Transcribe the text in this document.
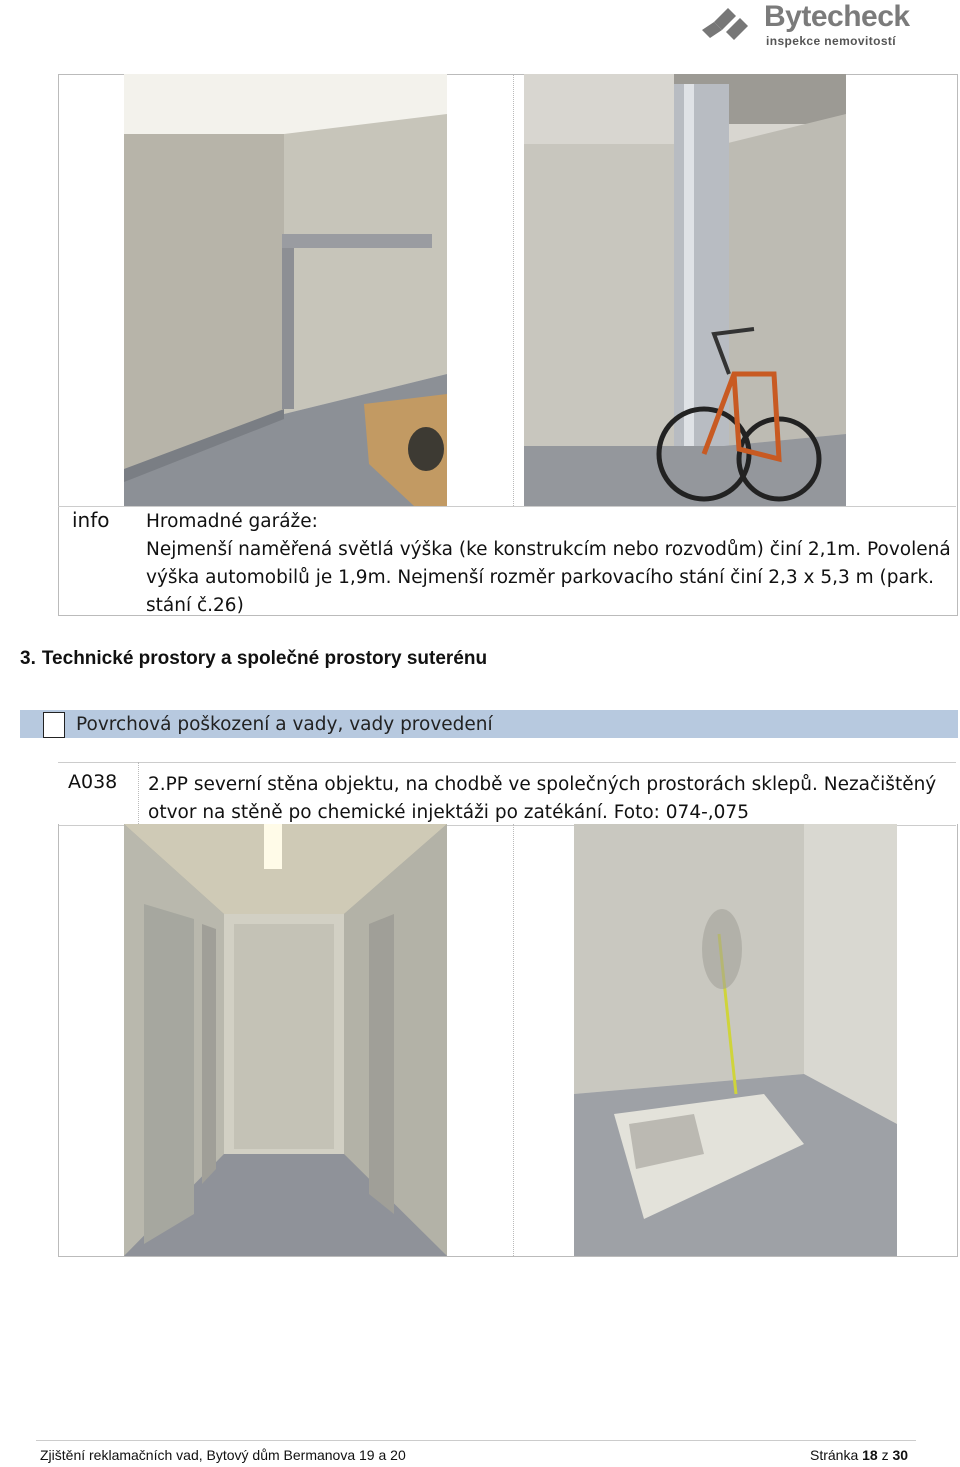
Bytecheck
inspekce nemovitostí
info Hromadné garáže:
Nejmenší naměřená světlá výška (ke konstrukcím nebo rozvodům) činí 2,1m. Povolená výška automobilů je 1,9m. Nejmenší rozměr parkovacího stání činí 2,3 x 5,3 m (park. stání č.26)
3. Technické prostory a společné prostory suterénu
Povrchová poškození a vady, vady provedení
A038 2.PP severní stěna objektu, na chodbě ve společných prostorách sklepů. Nezačištěný otvor na stěně po chemické injektáži po zatékání. Foto: 074-,075
Zjištění reklamačních vad, Bytový dům Bermanova 19 a 20	Stránka 18 z 30
